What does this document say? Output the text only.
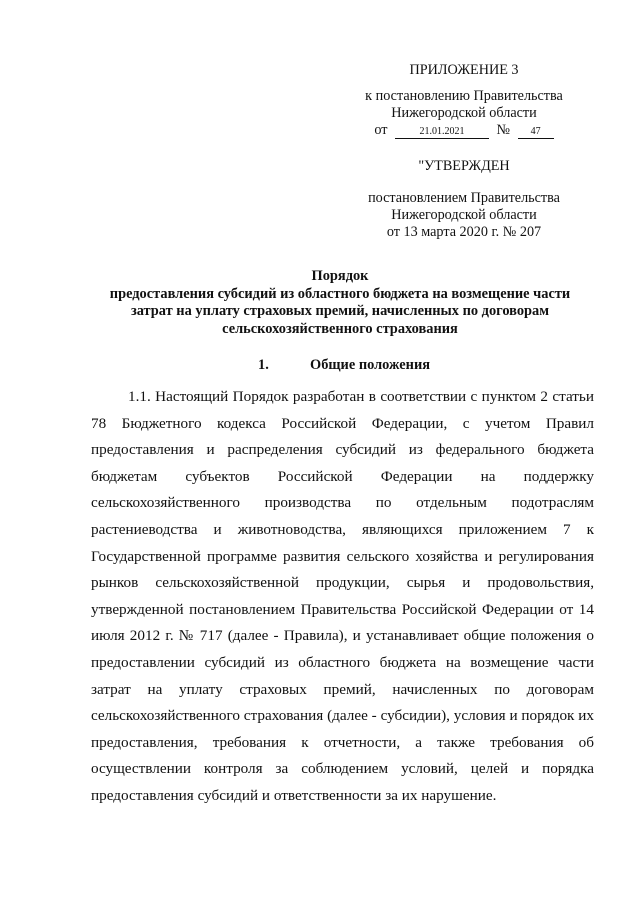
ПРИЛОЖЕНИЕ 3
к постановлению Правительства
Нижегородской области
от	21.01.2021 № 47
"УТВЕРЖДЕН
постановлением Правительства
Нижегородской области
от 13 марта 2020 г. № 207
Порядок
предоставления субсидий из областного бюджета на возмещение части
затрат на уплату страховых премий, начисленных по договорам
сельскохозяйственного страхования
1.	Общие положения
1.1. Настоящий Порядок разработан в соответствии с пунктом 2 статьи
78 Бюджетного кодекса Российской Федерации, с учетом Правил
предоставления и распределения субсидий из федерального бюджета
бюджетам субъектов Российской Федерации на поддержку
сельскохозяйственного производства по отдельным подотраслям
растениеводства и животноводства, являющихся приложением 7 к
Государственной программе развития сельского хозяйства и регулирования
рынков сельскохозяйственной продукции, сырья и продовольствия,
утвержденной постановлением Правительства Российской Федерации от 14
июля 2012 г. № 717 (далее - Правила), и устанавливает общие положения о
предоставлении субсидий из областного бюджета на возмещение части
затрат на уплату страховых премий, начисленных по договорам
сельскохозяйственного страхования (далее - субсидии), условия и порядок их
предоставления, требования к отчетности, а также требования об
осуществлении контроля за соблюдением условий, целей и порядка
предоставления субсидий и ответственности за их нарушение.
